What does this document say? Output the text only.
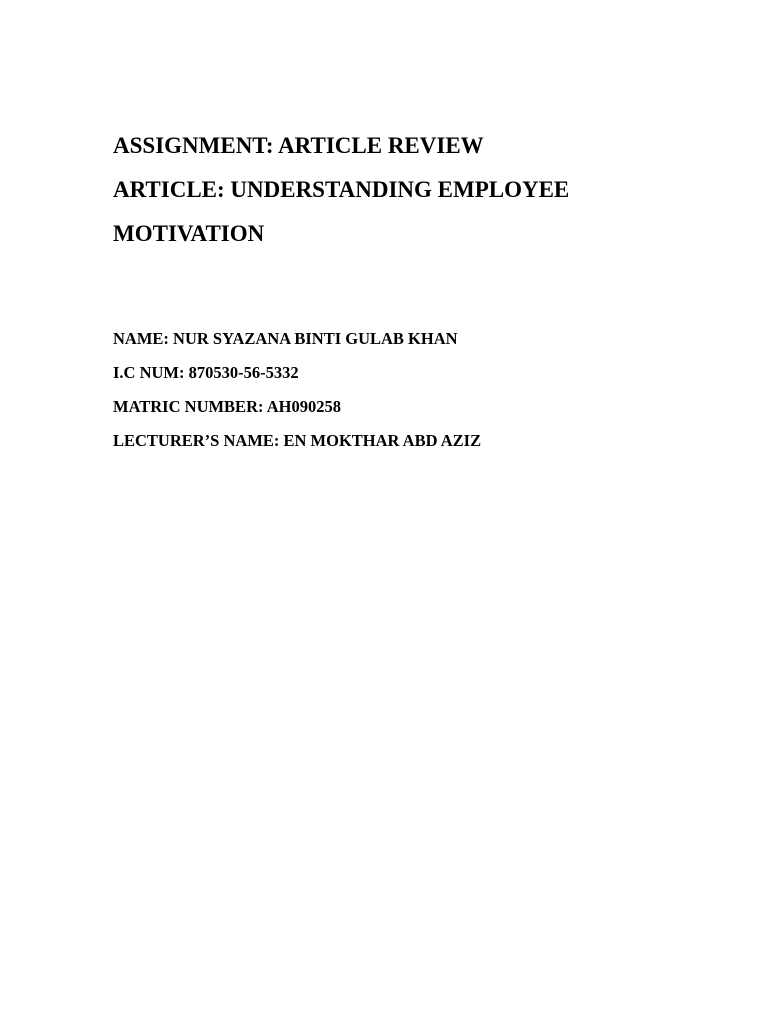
ASSIGNMENT: ARTICLE REVIEW

ARTICLE: UNDERSTANDING EMPLOYEE

MOTIVATION

NAME: NUR SYAZANA BINTI GULAB KHAN

I.C NUM: 870530-56-5332

MATRIC NUMBER: AH090258

LECTURER’S NAME: EN MOKTHAR ABD AZIZ
